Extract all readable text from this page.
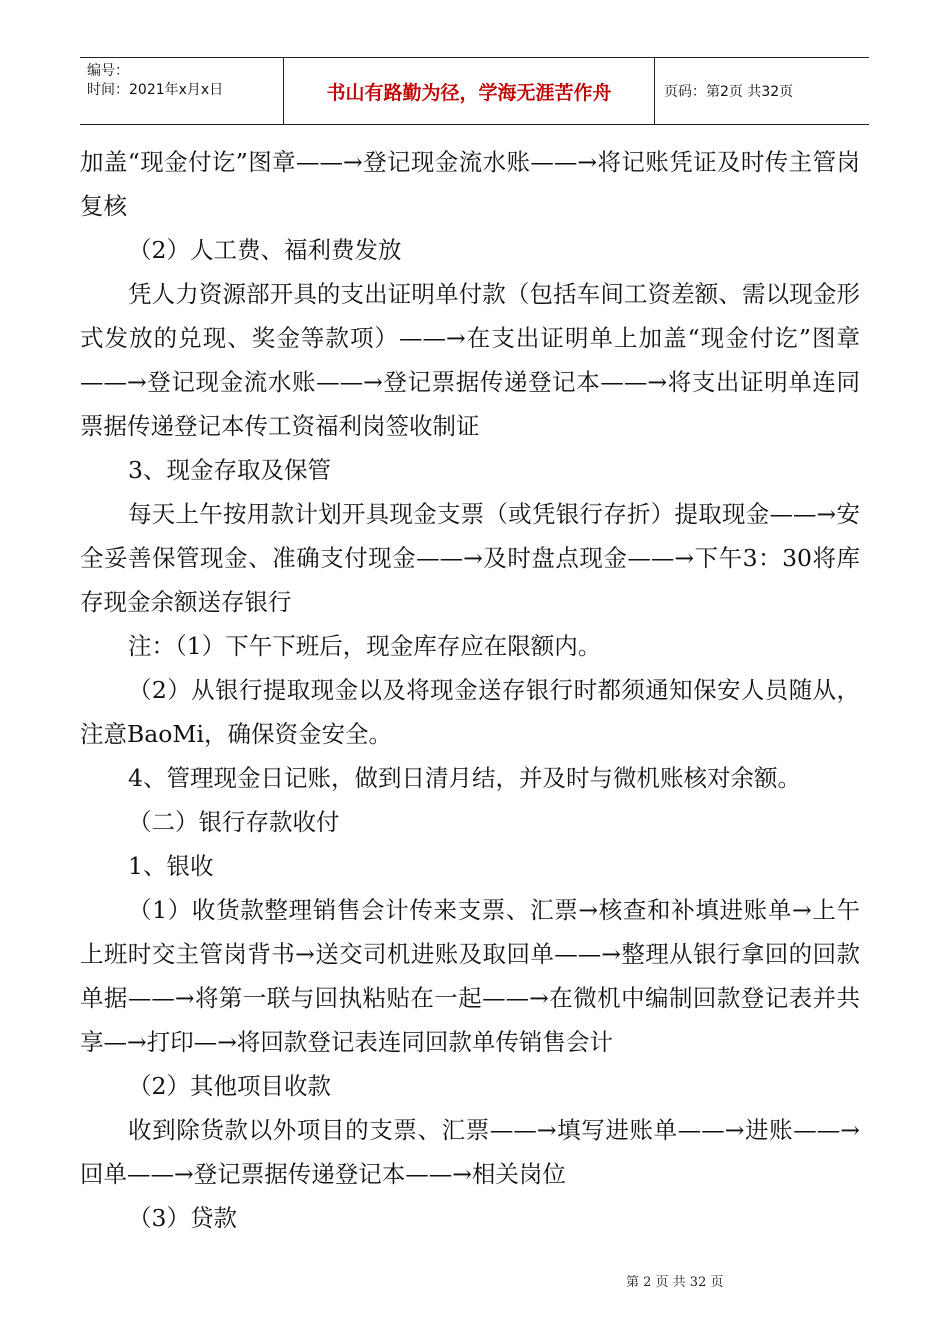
编号：
时间：2021年x月x日	书山有路勤为径，学海无涯苦作舟	页码：第2页 共32页

加盖“现金付讫”图章——→登记现金流水账——→将记账凭证及时传主管岗复核

（2）人工费、福利费发放

凭人力资源部开具的支出证明单付款（包括车间工资差额、需以现金形式发放的兑现、奖金等款项）——→在支出证明单上加盖“现金付讫”图章——→登记现金流水账——→登记票据传递登记本——→将支出证明单连同票据传递登记本传工资福利岗签收制证

3、现金存取及保管

每天上午按用款计划开具现金支票（或凭银行存折）提取现金——→安全妥善保管现金、准确支付现金——→及时盘点现金——→下午3：30将库存现金余额送存银行

注：（1）下午下班后，现金库存应在限额内。

（2）从银行提取现金以及将现金送存银行时都须通知保安人员随从，注意BaoMi，确保资金安全。

4、管理现金日记账，做到日清月结，并及时与微机账核对余额。

（二）银行存款收付

1、银收

（1）收货款整理销售会计传来支票、汇票→核查和补填进账单→上午上班时交主管岗背书→送交司机进账及取回单——→整理从银行拿回的回款单据——→将第一联与回执粘贴在一起——→在微机中编制回款登记表并共享—→打印—→将回款登记表连同回款单传销售会计

（2）其他项目收款

收到除货款以外项目的支票、汇票——→填写进账单——→进账——→回单——→登记票据传递登记本——→相关岗位

（3）贷款

第 2 页 共 32 页
